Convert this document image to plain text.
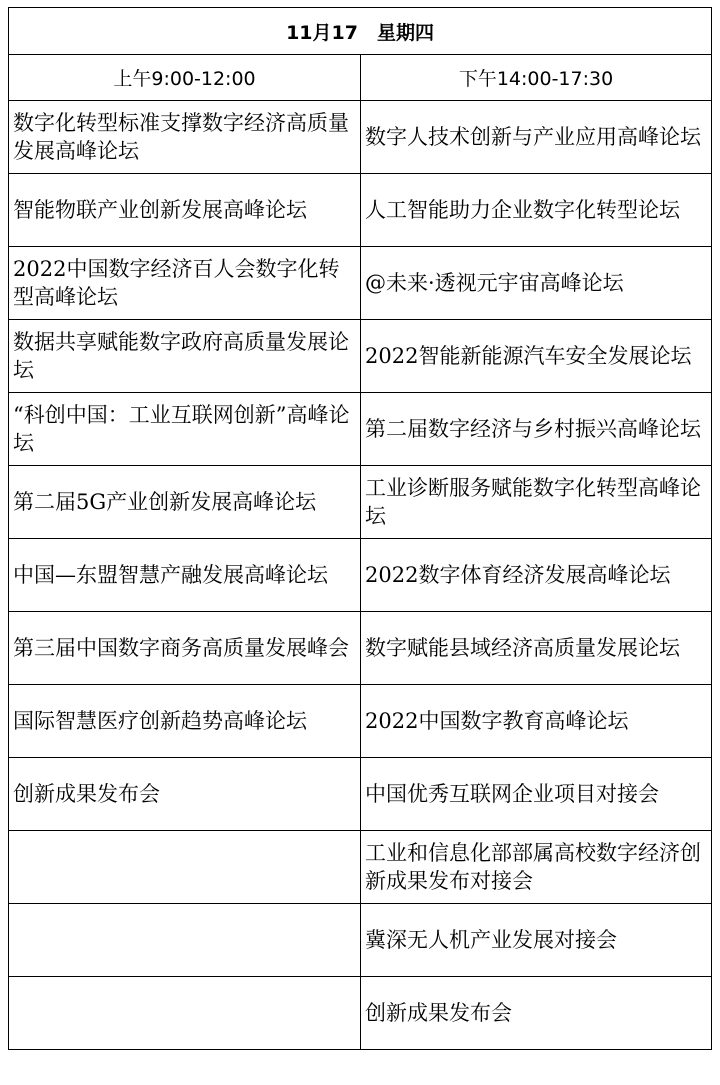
11月17　星期四	
上午9:00-12:00	下午14:00-17:30
数字化转型标准支撑数字经济高质量发展高峰论坛	数字人技术创新与产业应用高峰论坛
智能物联产业创新发展高峰论坛	人工智能助力企业数字化转型论坛
2022中国数字经济百人会数字化转型高峰论坛	@未来·透视元宇宙高峰论坛
数据共享赋能数字政府高质量发展论坛	2022智能新能源汽车安全发展论坛
“科创中国：工业互联网创新”高峰论坛	第二届数字经济与乡村振兴高峰论坛
第二届5G产业创新发展高峰论坛	工业诊断服务赋能数字化转型高峰论坛
中国—东盟智慧产融发展高峰论坛	2022数字体育经济发展高峰论坛
第三届中国数字商务高质量发展峰会	数字赋能县域经济高质量发展论坛
国际智慧医疗创新趋势高峰论坛	2022中国数字教育高峰论坛
创新成果发布会	中国优秀互联网企业项目对接会
	工业和信息化部部属高校数字经济创新成果发布对接会
	冀深无人机产业发展对接会
	创新成果发布会
